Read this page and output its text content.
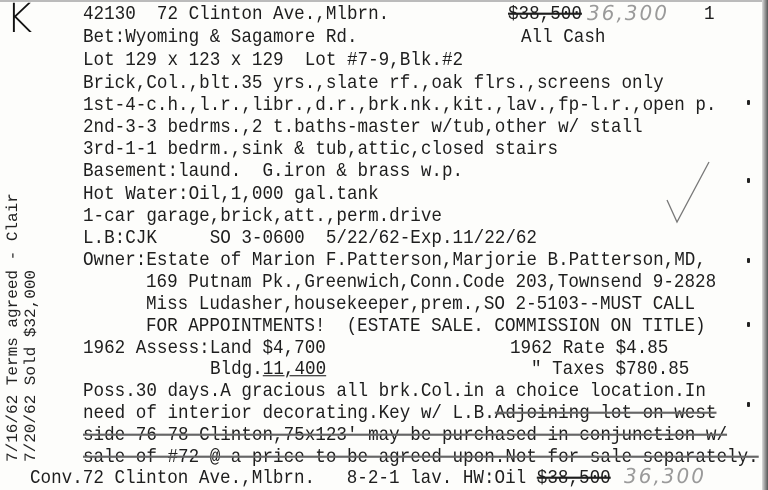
K	42130 72 Clinton Ave.,Mlbrn.	$38,500 36,300 1
Bet:Wyoming & Sagamore Rd.	All Cash
Lot 129 x 123 x 129  Lot #7-9,Blk.#2
Brick,Col.,blt.35 yrs.,slate rf.,oak flrs.,screens only
1st-4-c.h.,l.r.,libr.,d.r.,brk.nk.,kit.,lav.,fp-l.r.,open p.
2nd-3-3 bedrms.,2 t.baths-master w/tub,other w/ stall
3rd-1-1 bedrm.,sink & tub,attic,closed stairs
Basement:laund.  G.iron & brass w.p.
Hot Water:Oil,1,000 gal.tank
1-car garage,brick,att.,perm.drive
L.B:CJK     SO 3-0600  5/22/62-Exp.11/22/62
Owner:Estate of Marion F.Patterson,Marjorie B.Patterson,MD,
169 Putnam Pk.,Greenwich,Conn.Code 203,Townsend 9-2828
Miss Ludasher,housekeeper,prem.,SO 2-5103--MUST CALL
FOR APPOINTMENTS!  (ESTATE SALE. COMMISSION ON TITLE)
1962 Assess:Land $4,700	1962 Rate $4.85
Bldg.11,400	" Taxes $780.85
Poss.30 days.A gracious all brk.Col.in a choice location.In
need of interior decorating.Key w/ L.B.Adjoining lot on west
side 76-78 Clinton,75x123' may be purchased in conjunction w/
sale of #72 @ a price to be agreed upon.Not for sale separately.
Conv.72 Clinton Ave.,Mlbrn.   8-2-1 lav. HW:Oil $38,500 36,300
7/16/62 Terms agreed - Clair 7/20/62 Sold $32,000
